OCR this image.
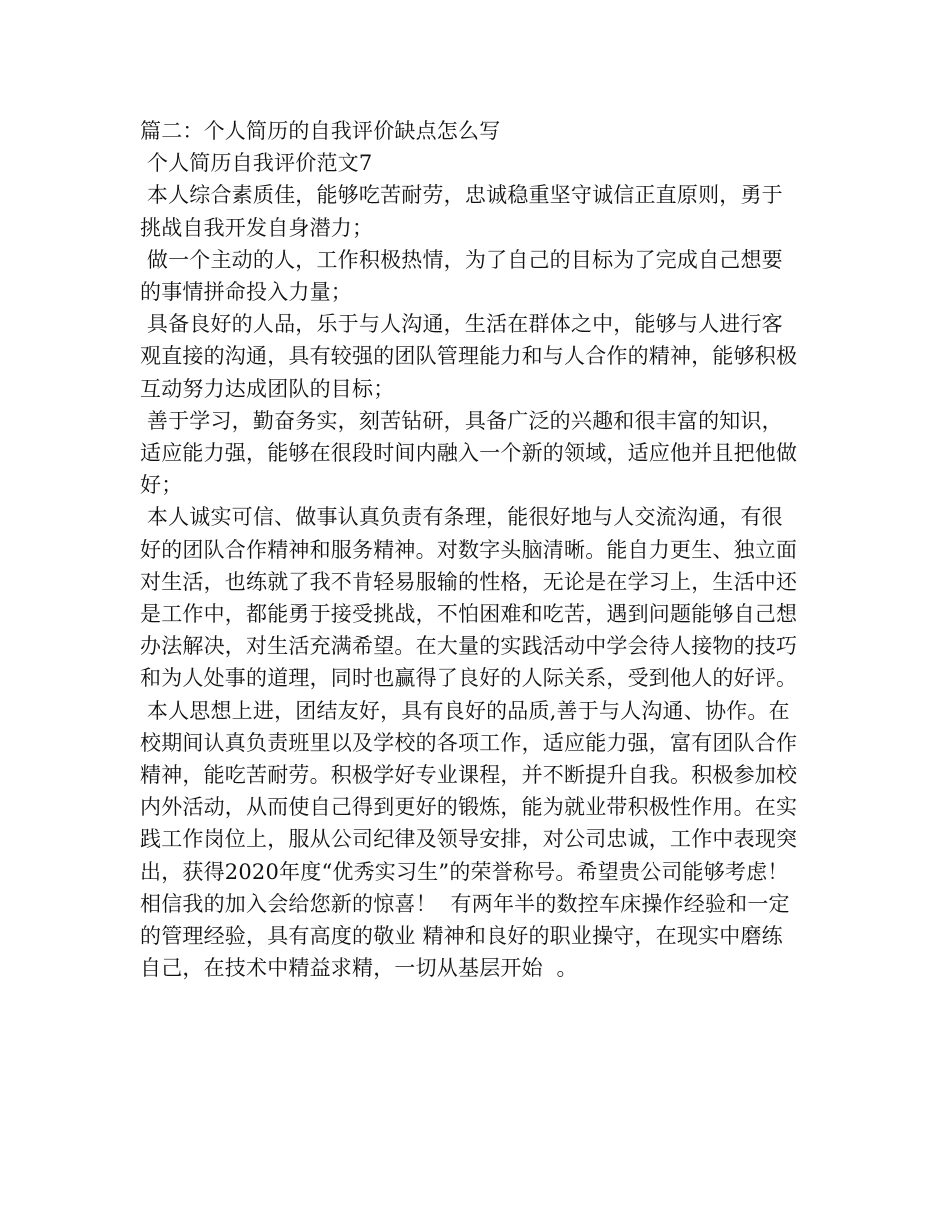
篇二：个人简历的自我评价缺点怎么写

个人简历自我评价范文7

本人综合素质佳，能够吃苦耐劳，忠诚稳重坚守诚信正直原则，勇于

挑战自我开发自身潜力；

做一个主动的人，工作积极热情，为了自己的目标为了完成自己想要

的事情拼命投入力量；

具备良好的人品，乐于与人沟通，生活在群体之中，能够与人进行客

观直接的沟通，具有较强的团队管理能力和与人合作的精神，能够积极

互动努力达成团队的目标；

善于学习，勤奋务实，刻苦钻研，具备广泛的兴趣和很丰富的知识，

适应能力强，能够在很段时间内融入一个新的领域，适应他并且把他做

好；

本人诚实可信、做事认真负责有条理，能很好地与人交流沟通，有很

好的团队合作精神和服务精神。对数字头脑清晰。能自力更生、独立面

对生活，也练就了我不肯轻易服输的性格，无论是在学习上，生活中还

是工作中，都能勇于接受挑战，不怕困难和吃苦，遇到问题能够自己想

办法解决，对生活充满希望。在大量的实践活动中学会待人接物的技巧

和为人处事的道理，同时也赢得了良好的人际关系，受到他人的好评。

本人思想上进，团结友好，具有良好的品质,善于与人沟通、协作。在

校期间认真负责班里以及学校的各项工作，适应能力强，富有团队合作

精神，能吃苦耐劳。积极学好专业课程，并不断提升自我。积极参加校

内外活动，从而使自己得到更好的锻炼，能为就业带积极性作用。在实

践工作岗位上，服从公司纪律及领导安排，对公司忠诚，工作中表现突

出，获得2020年度“优秀实习生”的荣誉称号。希望贵公司能够考虑！

相信我的加入会给您新的惊喜！  有两年半的数控车床操作经验和一定

的管理经验，具有高度的敬业 精神和良好的职业操守，在现实中磨练

自己，在技术中精益求精，一切从基层开始  。
